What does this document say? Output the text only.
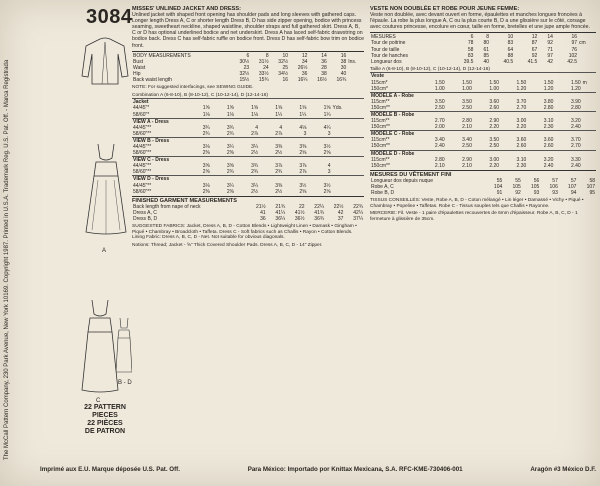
The McCall Pattern Company, 230 Park Avenue, New York 10169. Copyright 1987. Printed in U.S.A. Trademark Reg. U.S. Pat. Off. - Marca Registrada
3084
A
B - D
C
22 PATTERN PIECES
22 PIÈCES DE PATRON
MISSES' UNLINED JACKET AND DRESS:
Unlined jacket with shaped front opening has shoulder pads and long sleeves with gathered caps. Longer length Dress A, C or shorter length Dress B, D has side zipper opening, bodice with princess seaming, sweetheart neckline, shaped waistline, shoulder straps and full gathered skirt. Dress A, B, C or D has optional underlined bodice and net underskirt. Dress A has laced self-fabric drawstring on bodice back. Dress C has self-fabric ruffle on bodice front. Dress D has self-fabric bow trim on bodice front.
BODY MEASUREMENTS	6	8	10	12	14	16	
Bust	30½	31½	32½	34	36	38	Ins.
Waist	23	24	25	26½	28	30	
Hip	32½	33½	34½	36	38	40	
Back waist length	15½	15¾	16	16¼	16½	16¾	
NOTE: For suggested interfacings, see SEWING GUIDE.
Combination A (6-8-10), B (8-10-12), C (10-12-14), D (12-14-16)
Jacket							
44/45"*	1⅝	1⅝	1⅝	1⅝	1⅝	1⅝	Yds.
58/60"*	1⅛	1⅛	1⅛	1¼	1¼	1¼	
VIEW A - Dress							
44/45"**	3¾	3¾	4	4	4⅛	4¼	
58/60"**	2¾	2¾	2⅞	2⅞	3	3	
VIEW B - Dress							
44/45"**	3⅛	3¼	3¼	3⅜	3⅜	3½	
58/60"**	2⅜	2⅜	2½	2½	2⅝	2⅝	
VIEW C - Dress							
44/45"**	3⅝	3⅝	3¾	3⅞	3⅞	4	
58/60"**	2⅝	2¾	2¾	2¾	2⅞	3	
VIEW D - Dress							
44/45"**	3⅛	3¼	3¼	3⅜	3½	3½	
58/60"**	2⅜	2⅜	2½	2½	2⅝	2⅝	
FINISHED GARMENT MEASUREMENTS
Back length from nape of neck	21½	21¾	22	22¼	22½	22¾
Dress A, C	41	41¼	41½	41¾	42	42¼
Dress B, D	36	36¼	36½	36¾	37	37¼
SUGGESTED FABRICS: Jacket, Dress A, B, D - Cotton Blends • Lightweight Linen • Damask • Gingham • Piqué • Chambray • Broadcloth • Taffeta. Dress C - Soft fabrics such as Challis • Rayon • Cotton Blends. Lining Fabric: Dress A, B, C, D - Net. Not suitable for obvious diagonals.
Notions: Thread; Jacket - ⅝" Thick Covered Shoulder Pads. Dress A, B, C, D - 14" Zipper.
VESTE NON DOUBLÉE ET ROBE POUR JEUNE FEMME:
Veste non doublée, avec devant ouvert en forme, épaulettes et manches longues froncées à l'épaule. La robe la plus longue A, C ou la plus courte B, D a une glissière sur le côté, corsage avec coutures princesse, encolure en cœur, taille en forme, bretelles et une jupe ample froncée.
MESURES	6	8	10	12	14	16	
Tour de poitrine	78	80	83	87	92	97	cm
Tour de taille	58	61	64	67	71	76	
Tour de hanches	83	85	88	92	97	102	
Longueur dos	39.5	40	40.5	41.5	42	42.5	
Taille A (6-8-10), B (8-10-12), C (10-12-14), D (12-14-16)
Veste							
115cm*	1.50	1.50	1.50	1.50	1.50	1.50	m
150cm*	1.00	1.00	1.00	1.20	1.20	1.20	
MODÈLE A - Robe							
115cm**	3.50	3.50	3.60	3.70	3.80	3.90	
150cm**	2.50	2.50	2.60	2.70	2.80	2.80	
MODÈLE B - Robe							
115cm**	2.70	2.80	2.90	3.00	3.10	3.20	
150cm**	2.00	2.10	2.20	2.20	2.30	2.40	
MODÈLE C - Robe							
115cm**	3.40	3.40	3.50	3.60	3.60	3.70	
150cm**	2.40	2.50	2.50	2.60	2.60	2.70	
MODÈLE D - Robe							
115cm**	2.80	2.90	3.00	3.10	3.20	3.30	
150cm**	2.10	2.10	2.20	2.30	2.40	2.40	
MESURES DU VÊTEMENT FINI
Longueur dos depuis nuque	55	55	56	57	57	58
Robe A, C	104	105	105	106	107	107
Robe B, D	91	92	93	93	94	95
TISSUS CONSEILLÉS: Veste, Robe A, B, D - Coton mélangé • Lin léger • Damassé • Vichy • Piqué • Chambray • Popeline • Taffetas. Robe C - Tissus souples tels que Challis • Rayonne.
MERCERIE: Fil. Veste - 1 paire d'épaulettes recouvertes de 6mm d'épaisseur. Robe A, B, C, D - 1 fermeture à glissière de 35cm.
Imprimé aux E.U. Marque déposée U.S. Pat. Off.	Para México: Importado por Knittax Mexicana, S.A. RFC-KME-730406-001	Aragón #3 México D.F.
